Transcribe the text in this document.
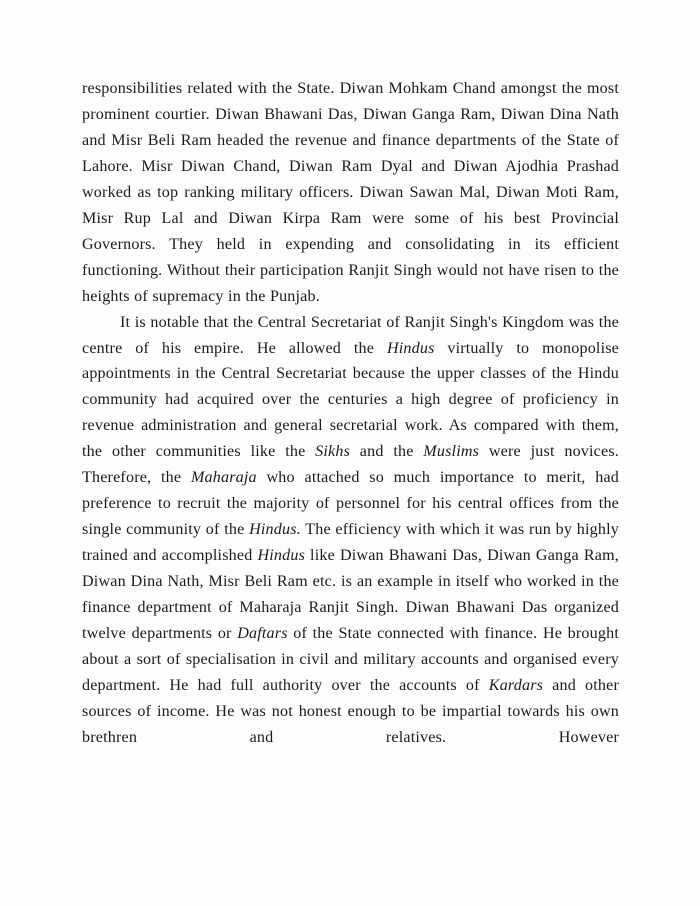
responsibilities related with the State. Diwan Mohkam Chand amongst the most prominent courtier. Diwan Bhawani Das, Diwan Ganga Ram, Diwan Dina Nath and Misr Beli Ram headed the revenue and finance departments of the State of Lahore. Misr Diwan Chand, Diwan Ram Dyal and Diwan Ajodhia Prashad worked as top ranking military officers. Diwan Sawan Mal, Diwan Moti Ram, Misr Rup Lal and Diwan Kirpa Ram were some of his best Provincial Governors. They held in expending and consolidating in its efficient functioning. Without their participation Ranjit Singh would not have risen to the heights of supremacy in the Punjab.

It is notable that the Central Secretariat of Ranjit Singh's Kingdom was the centre of his empire. He allowed the Hindus virtually to monopolise appointments in the Central Secretariat because the upper classes of the Hindu community had acquired over the centuries a high degree of proficiency in revenue administration and general secretarial work. As compared with them, the other communities like the Sikhs and the Muslims were just novices. Therefore, the Maharaja who attached so much importance to merit, had preference to recruit the majority of personnel for his central offices from the single community of the Hindus. The efficiency with which it was run by highly trained and accomplished Hindus like Diwan Bhawani Das, Diwan Ganga Ram, Diwan Dina Nath, Misr Beli Ram etc. is an example in itself who worked in the finance department of Maharaja Ranjit Singh. Diwan Bhawani Das organized twelve departments or Daftars of the State connected with finance. He brought about a sort of specialisation in civil and military accounts and organised every department. He had full authority over the accounts of Kardars and other sources of income. He was not honest enough to be impartial towards his own brethren and relatives. However
